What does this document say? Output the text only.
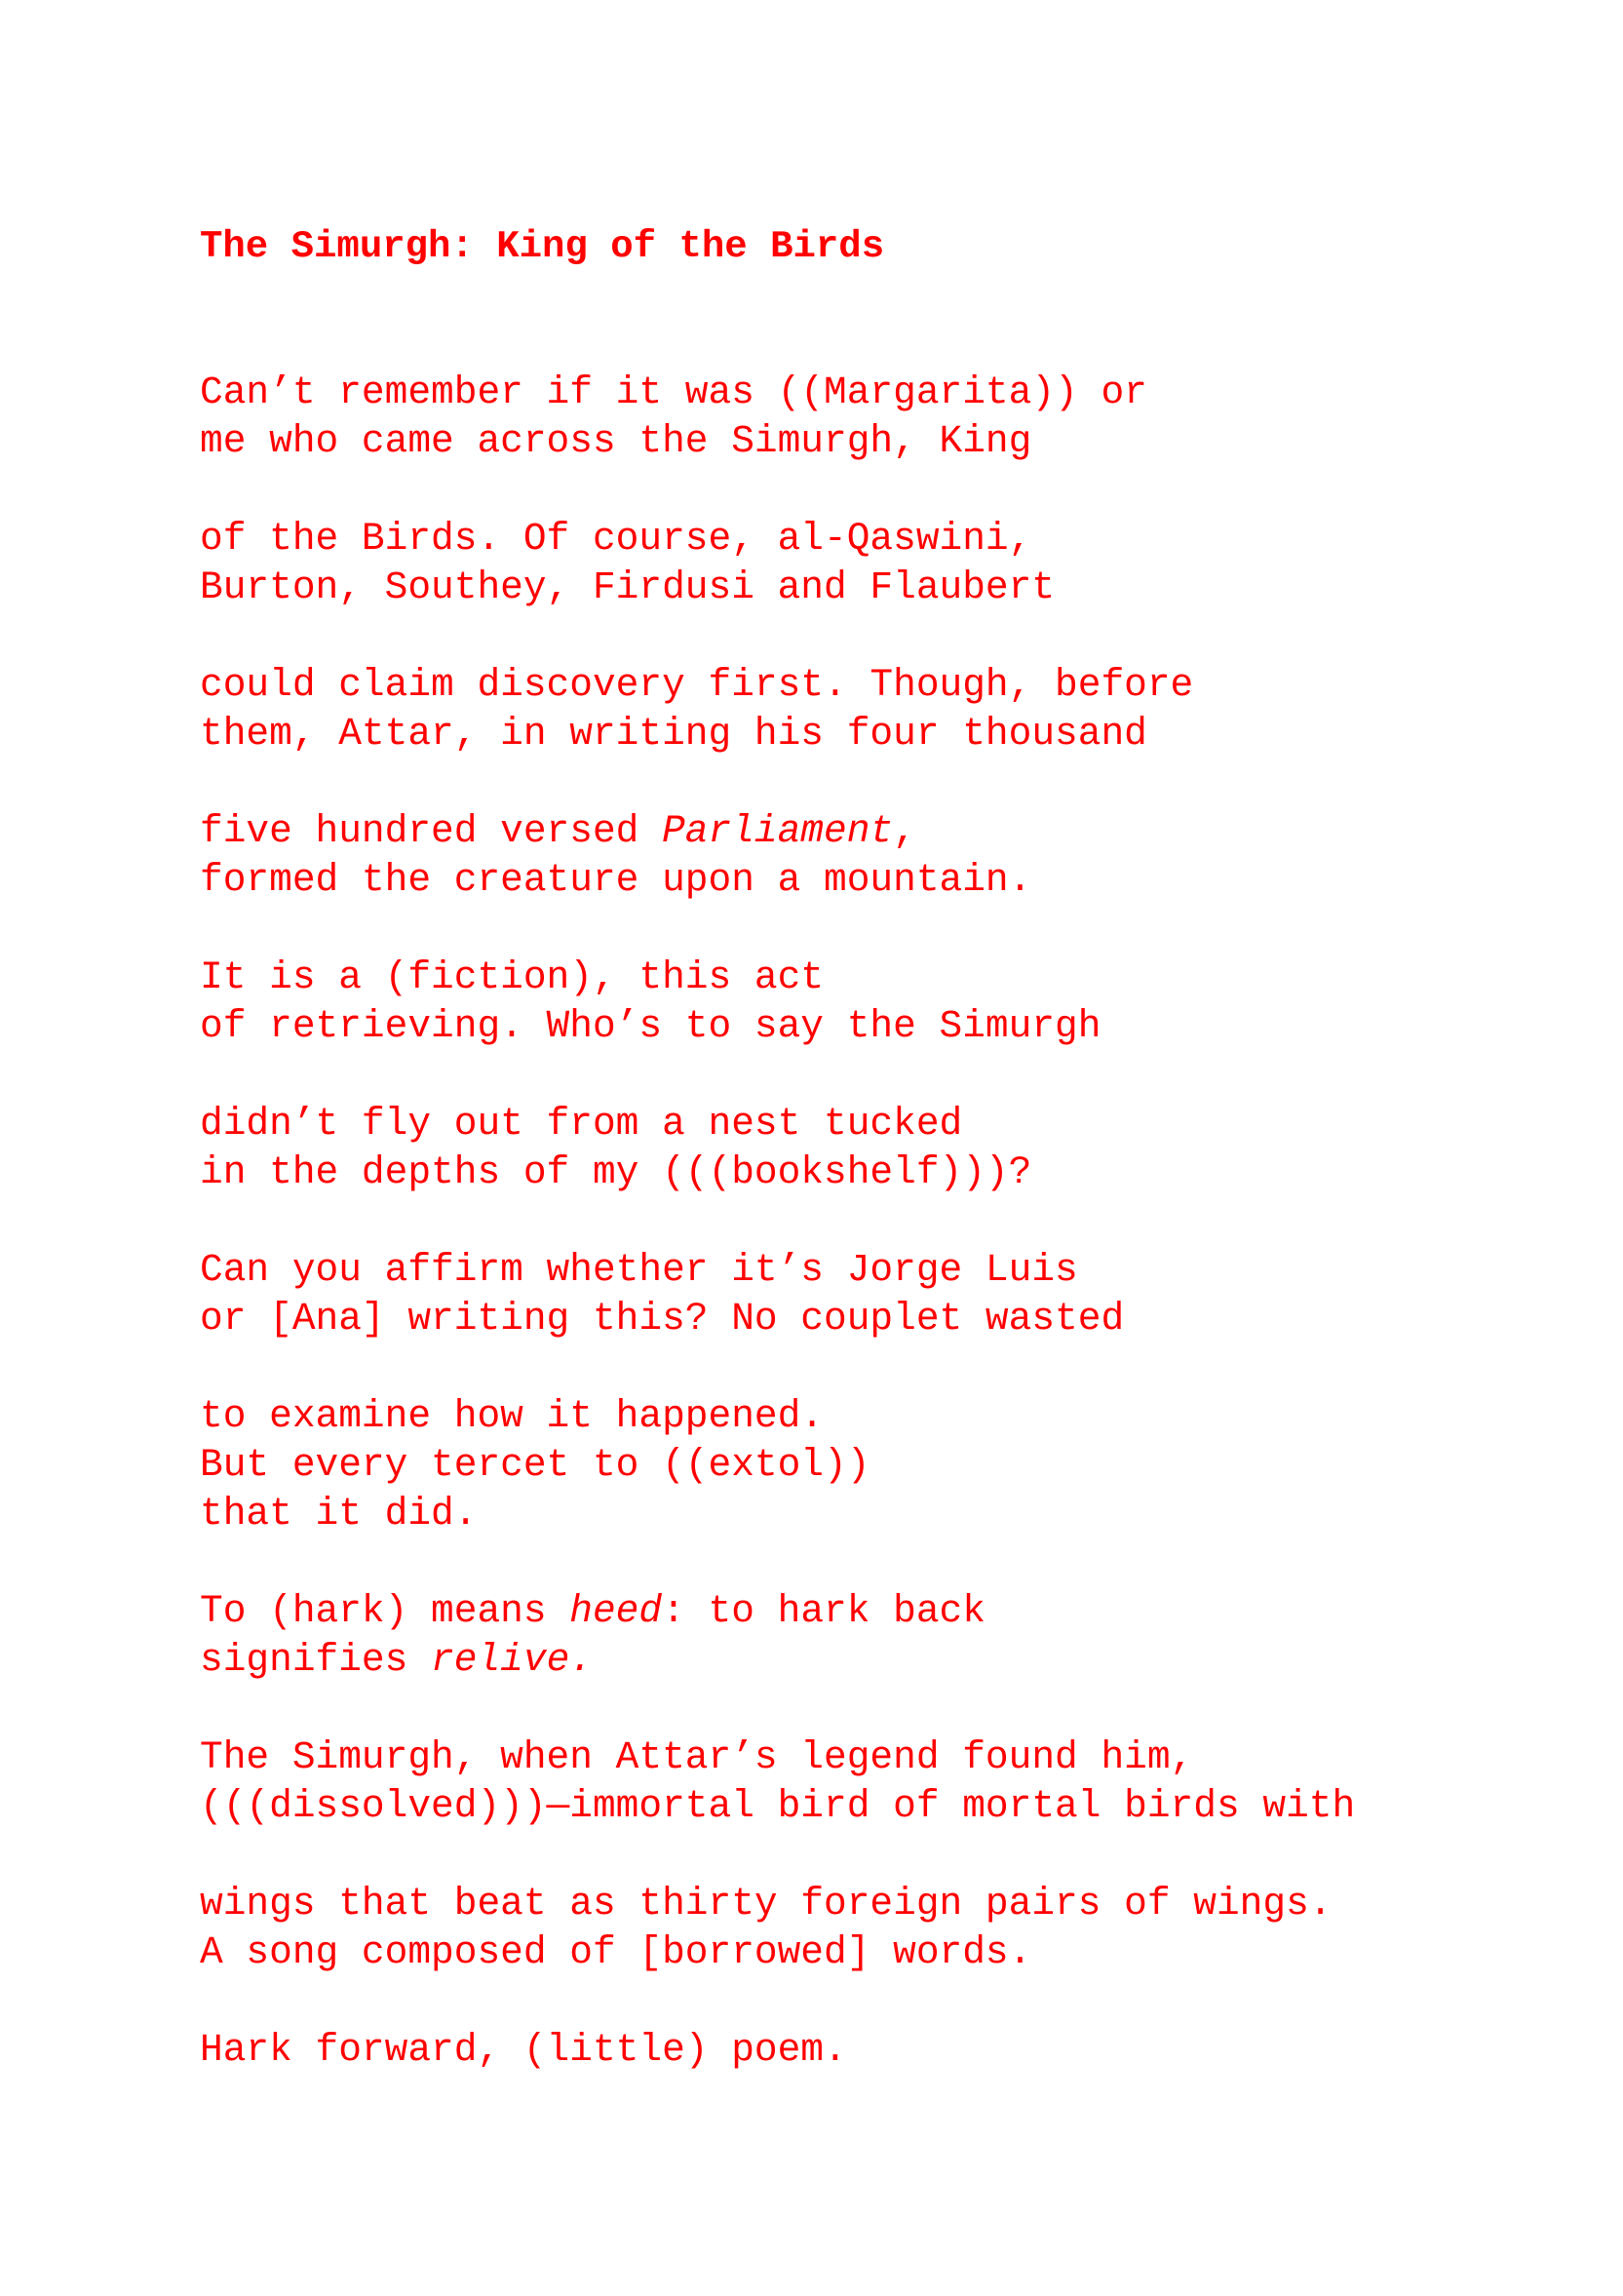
The Simurgh: King of the Birds

Can’t remember if it was ((Margarita)) or

me who came across the Simurgh, King

of the Birds. Of course, al-Qaswini,

Burton, Southey, Firdusi and Flaubert

could claim discovery first. Though, before

them, Attar, in writing his four thousand

five hundred versed Parliament,

formed the creature upon a mountain.

It is a (fiction), this act

of retrieving. Who’s to say the Simurgh

didn’t fly out from a nest tucked

in the depths of my (((bookshelf)))?

Can you affirm whether it’s Jorge Luis

or [Ana] writing this? No couplet wasted

to examine how it happened.

But every tercet to ((extol))

that it did.

To (hark) means heed: to hark back

signifies relive.

The Simurgh, when Attar’s legend found him,

(((dissolved)))—immortal bird of mortal birds with

wings that beat as thirty foreign pairs of wings.

A song composed of [borrowed] words.

Hark forward, (little) poem.
